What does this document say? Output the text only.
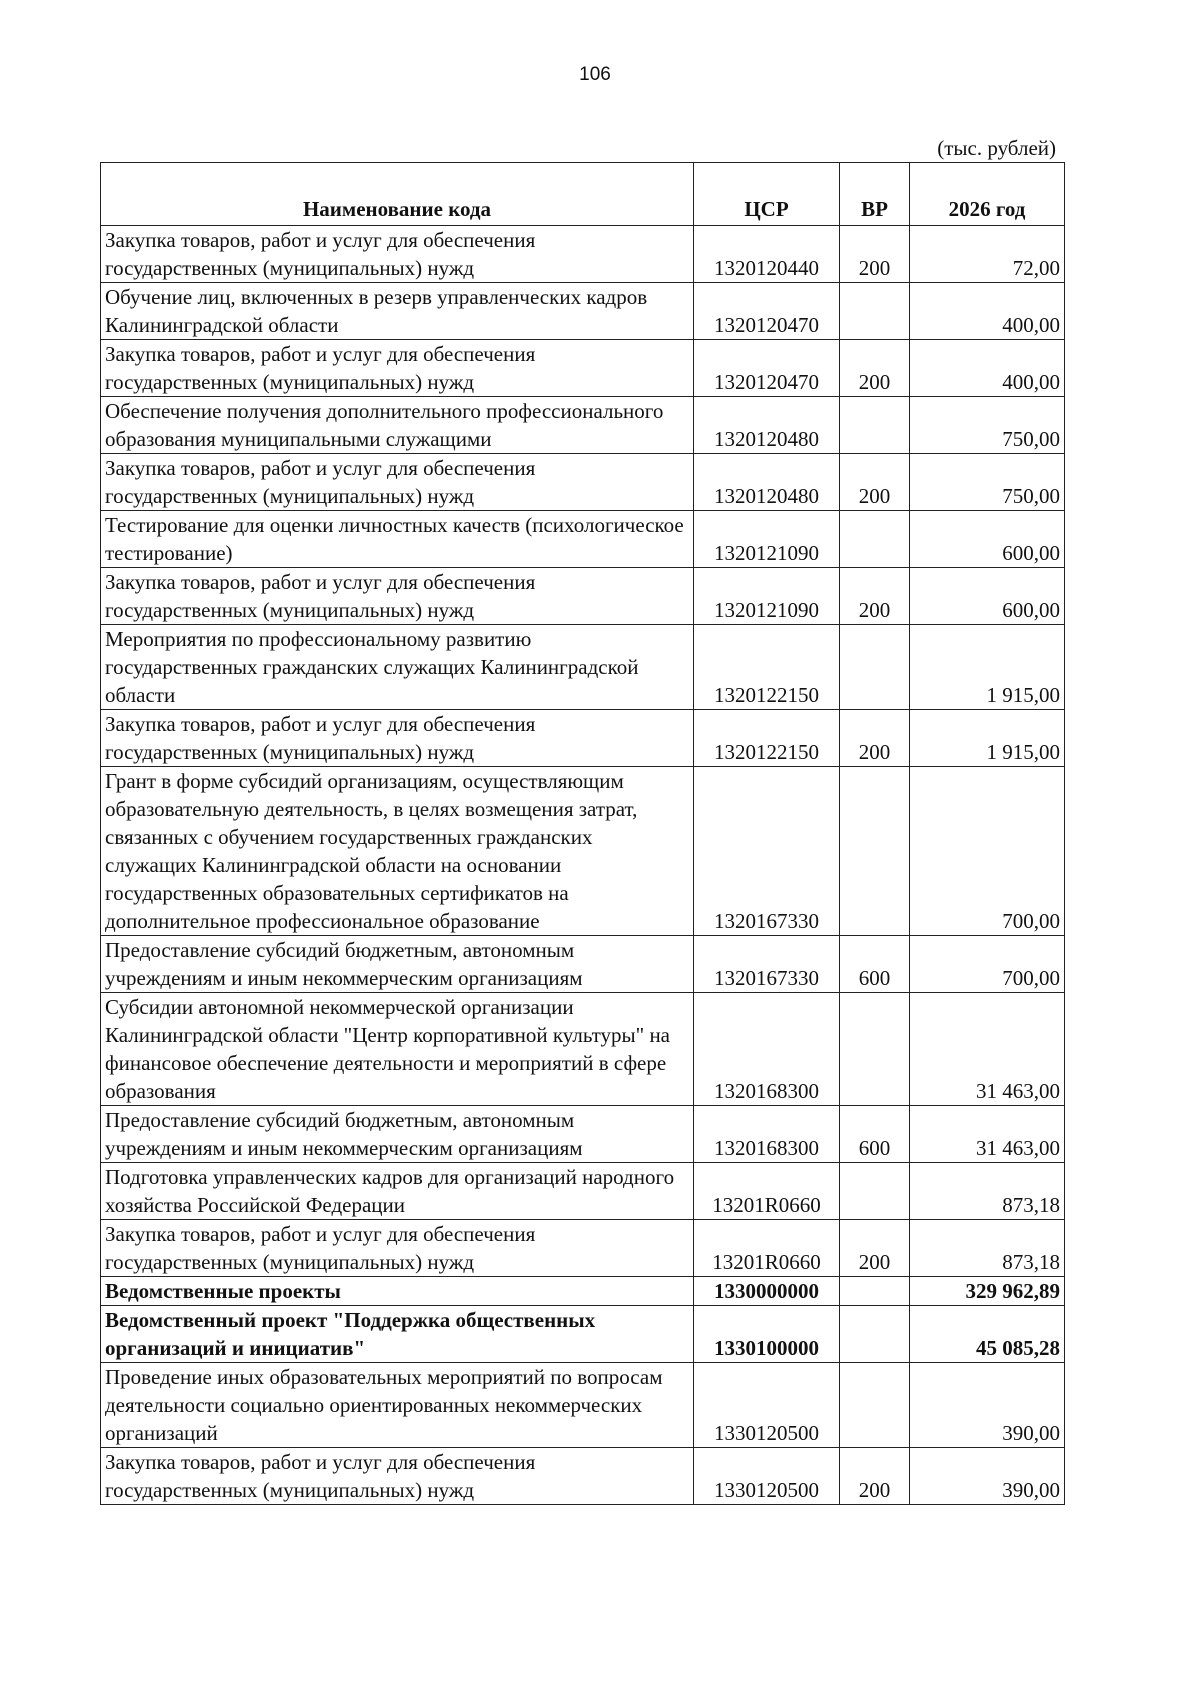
106
(тыс. рублей)
Наименование кода	ЦСР	ВР	2026 год
Закупка товаров, работ и услуг для обеспечения государственных (муниципальных) нужд	1320120440	200	72,00
Обучение лиц, включенных в резерв управленческих кадров Калининградской области	1320120470		400,00
Закупка товаров, работ и услуг для обеспечения государственных (муниципальных) нужд	1320120470	200	400,00
Обеспечение получения дополнительного профессионального образования муниципальными служащими	1320120480		750,00
Закупка товаров, работ и услуг для обеспечения государственных (муниципальных) нужд	1320120480	200	750,00
Тестирование для оценки личностных качеств (психологическое тестирование)	1320121090		600,00
Закупка товаров, работ и услуг для обеспечения государственных (муниципальных) нужд	1320121090	200	600,00
Мероприятия по профессиональному развитию государственных гражданских служащих Калининградской области	1320122150		1 915,00
Закупка товаров, работ и услуг для обеспечения государственных (муниципальных) нужд	1320122150	200	1 915,00
Грант в форме субсидий организациям, осуществляющим образовательную деятельность, в целях возмещения затрат, связанных с обучением государственных гражданских служащих Калининградской области на основании государственных образовательных сертификатов на дополнительное профессиональное образование	1320167330		700,00
Предоставление субсидий бюджетным, автономным учреждениям и иным некоммерческим организациям	1320167330	600	700,00
Субсидии автономной некоммерческой организации Калининградской области "Центр корпоративной культуры" на финансовое обеспечение деятельности и мероприятий в сфере образования	1320168300		31 463,00
Предоставление субсидий бюджетным, автономным учреждениям и иным некоммерческим организациям	1320168300	600	31 463,00
Подготовка управленческих кадров для организаций народного хозяйства Российской Федерации	13201R0660		873,18
Закупка товаров, работ и услуг для обеспечения государственных (муниципальных) нужд	13201R0660	200	873,18
Ведомственные проекты	1330000000		329 962,89
Ведомственный проект "Поддержка общественных организаций и инициатив"	1330100000		45 085,28
Проведение иных образовательных мероприятий по вопросам деятельности социально ориентированных некоммерческих организаций	1330120500		390,00
Закупка товаров, работ и услуг для обеспечения государственных (муниципальных) нужд	1330120500	200	390,00
